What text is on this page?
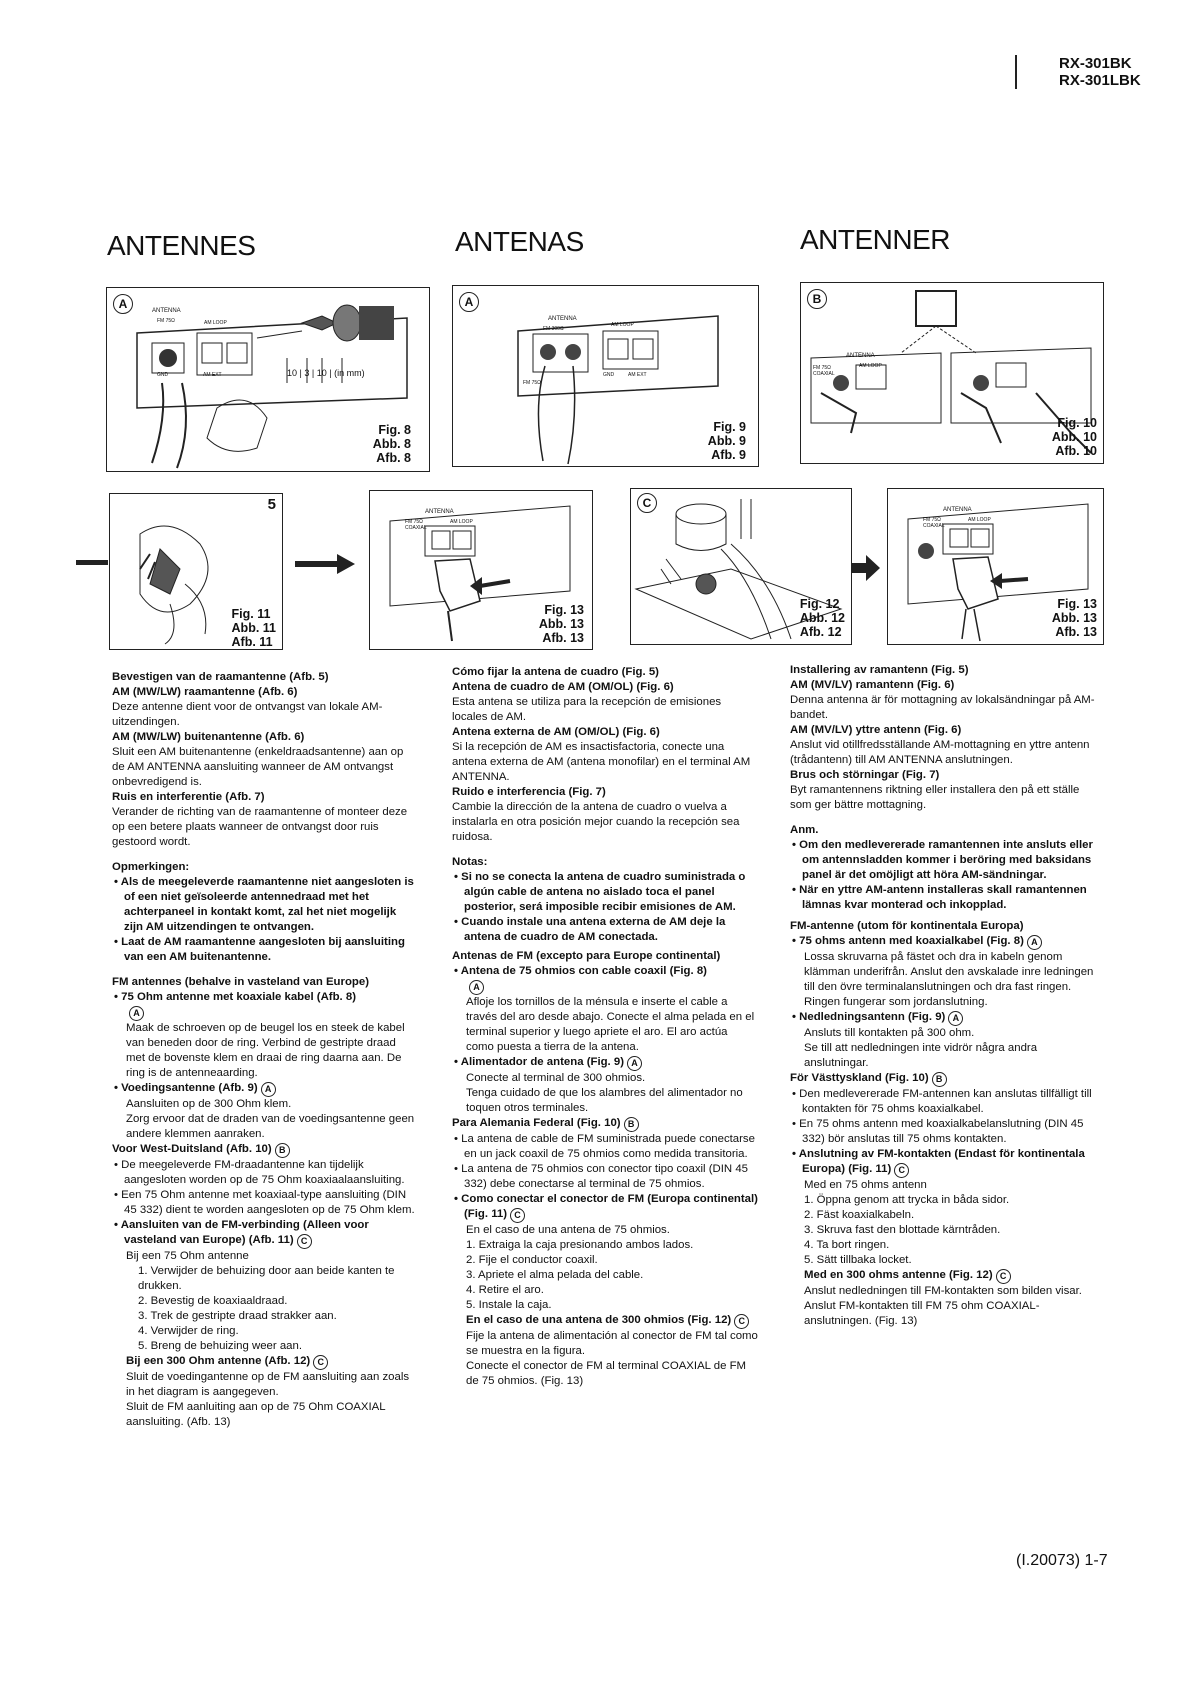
RX-301BK
RX-301LBK
ANTENNES	ANTENAS	ANTENNER
A	ANTENNA
FM 75Ω	AM LOOP
GND	AM EXT	10 | 3 | 10 | (in mm)
Fig. 8
Abb. 8
Afb. 8
A
ANTENNA
FM 300Ω
AM LOOP
GND	AM EXT
FM 75Ω
Fig. 9
Abb. 9
Afb. 9
B
ANTENNA
FM 75Ω COAXIAL
AM LOOP
Fig. 10
Abb. 10
Afb. 10
5
Fig. 11
Abb. 11
Afb. 11
ANTENNA
FM 75Ω COAXIAL
AM LOOP
Fig. 13
Abb. 13
Afb. 13
C
Fig. 12
Abb. 12
Afb. 12
ANTENNA
FM 75Ω COAXIAL
AM LOOP
Fig. 13
Abb. 13
Afb. 13

Bevestigen van de raamantenne (Afb. 5)

AM (MW/LW) raamantenne (Afb. 6)

Deze antenne dient voor de ontvangst van lokale AM-uitzendingen.

AM (MW/LW) buitenantenne (Afb. 6)

Sluit een AM buitenantenne (enkeldraadsantenne) aan op de AM ANTENNA aansluiting wanneer de AM ontvangst onbevredigend is.

Ruis en interferentie (Afb. 7)

Verander de richting van de raamantenne of monteer deze op een betere plaats wanneer de ontvangst door ruis gestoord wordt.

Opmerkingen:

• Als de meegeleverde raamantenne niet aangesloten is of een niet geïsoleerde antennedraad met het achterpaneel in kontakt komt, zal het niet mogelijk zijn AM uitzendingen te ontvangen.

• Laat de AM raamantenne aangesloten bij aansluiting van een AM buitenantenne.

FM antennes (behalve in vasteland van Europe)

• 75 Ohm antenne met koaxiale kabel (Afb. 8)

A

Maak de schroeven op de beugel los en steek de kabel van beneden door de ring. Verbind de gestripte draad met de bovenste klem en draai de ring daarna aan. De ring is de antenneaarding.

• Voedingsantenne (Afb. 9) A

Aansluiten op de 300 Ohm klem.

Zorg ervoor dat de draden van de voedingsantenne geen andere klemmen aanraken.

Voor West-Duitsland (Afb. 10) B

• De meegeleverde FM-draadantenne kan tijdelijk aangesloten worden op de 75 Ohm koaxiaalaansluiting.

• Een 75 Ohm antenne met koaxiaal-type aansluiting (DIN 45 332) dient te worden aangesloten op de 75 Ohm klem.

• Aansluiten van de FM-verbinding (Alleen voor vasteland van Europe) (Afb. 11) C

Bij een 75 Ohm antenne

1. Verwijder de behuizing door aan beide kanten te drukken.

2. Bevestig de koaxiaaldraad.

3. Trek de gestripte draad strakker aan.

4. Verwijder de ring.

5. Breng de behuizing weer aan.

Bij een 300 Ohm antenne (Afb. 12) C

Sluit de voedingantenne op de FM aansluiting aan zoals in het diagram is aangegeven.

Sluit de FM aanluiting aan op de 75 Ohm COAXIAL aansluiting. (Afb. 13)

Cómo fijar la antena de cuadro (Fig. 5)

Antena de cuadro de AM (OM/OL) (Fig. 6)

Esta antena se utiliza para la recepción de emisiones locales de AM.

Antena externa de AM (OM/OL) (Fig. 6)

Si la recepción de AM es insactisfactoria, conecte una antena externa de AM (antena monofilar) en el terminal AM ANTENNA.

Ruido e interferencia (Fig. 7)

Cambie la dirección de la antena de cuadro o vuelva a instalarla en otra posición mejor cuando la recepción sea ruidosa.

Notas:

• Si no se conecta la antena de cuadro suministrada o algún cable de antena no aislado toca el panel posterior, será imposible recibir emisiones de AM.

• Cuando instale una antena externa de AM deje la antena de cuadro de AM conectada.

Antenas de FM (excepto para Europe continental)

• Antena de 75 ohmios con cable coaxil (Fig. 8)

A

Afloje los tornillos de la ménsula e inserte el cable a través del aro desde abajo. Conecte el alma pelada en el terminal superior y luego apriete el aro. El aro actúa como puesta a tierra de la antena.

• Alimentador de antena (Fig. 9) A

Conecte al terminal de 300 ohmios.

Tenga cuidado de que los alambres del alimentador no toquen otros terminales.

Para Alemania Federal (Fig. 10) B

• La antena de cable de FM suministrada puede conectarse en un jack coaxil de 75 ohmios como medida transitoria.

• La antena de 75 ohmios con conector tipo coaxil (DIN 45 332) debe conectarse al terminal de 75 ohmios.

• Como conectar el conector de FM (Europa continental) (Fig. 11) C

En el caso de una antena de 75 ohmios.

1. Extraiga la caja presionando ambos lados.

2. Fije el conductor coaxil.

3. Apriete el alma pelada del cable.

4. Retire el aro.

5. Instale la caja.

En el caso de una antena de 300 ohmios (Fig. 12) C

Fije la antena de alimentación al conector de FM tal como se muestra en la figura.

Conecte el conector de FM al terminal COAXIAL de FM de 75 ohmios. (Fig. 13)

Installering av ramantenn (Fig. 5)

AM (MV/LV) ramantenn (Fig. 6)

Denna antenna är för mottagning av lokalsändningar på AM-bandet.

AM (MV/LV) yttre antenn (Fig. 6)

Anslut vid otillfredsställande AM-mottagning en yttre antenn (trådantenn) till AM ANTENNA anslutningen.

Brus och störningar (Fig. 7)

Byt ramantennens riktning eller installera den på ett ställe som ger bättre mottagning.

Anm.

• Om den medlevererade ramantennen inte ansluts eller om antennsladden kommer i beröring med baksidans panel är det omöjligt att höra AM-sändningar.

• När en yttre AM-antenn installeras skall ramantennen lämnas kvar monterad och inkopplad.

FM-antenne (utom för kontinentala Europa)

• 75 ohms antenn med koaxialkabel (Fig. 8) A

Lossa skruvarna på fästet och dra in kabeln genom klämman underifrån. Anslut den avskalade inre ledningen till den övre terminalanslutningen och dra fast ringen. Ringen fungerar som jordanslutning.

• Nedledningsantenn (Fig. 9) A

Ansluts till kontakten på 300 ohm.

Se till att nedledningen inte vidrör några andra anslutningar.

För Västtyskland (Fig. 10) B

• Den medlevererade FM-antennen kan anslutas tillfälligt till kontakten för 75 ohms koaxialkabel.

• En 75 ohms antenn med koaxialkabelanslutning (DIN 45 332) bör anslutas till 75 ohms kontakten.

• Anslutning av FM-kontakten (Endast för kontinentala Europa) (Fig. 11) C

Med en 75 ohms antenn

1. Öppna genom att trycka in båda sidor.

2. Fäst koaxialkabeln.

3. Skruva fast den blottade kärntråden.

4. Ta bort ringen.

5. Sätt tillbaka locket.

Med en 300 ohms antenne (Fig. 12) C

Anslut nedledningen till FM-kontakten som bilden visar.

Anslut FM-kontakten till FM 75 ohm COAXIAL-anslutningen. (Fig. 13)

(I.20073) 1-7
